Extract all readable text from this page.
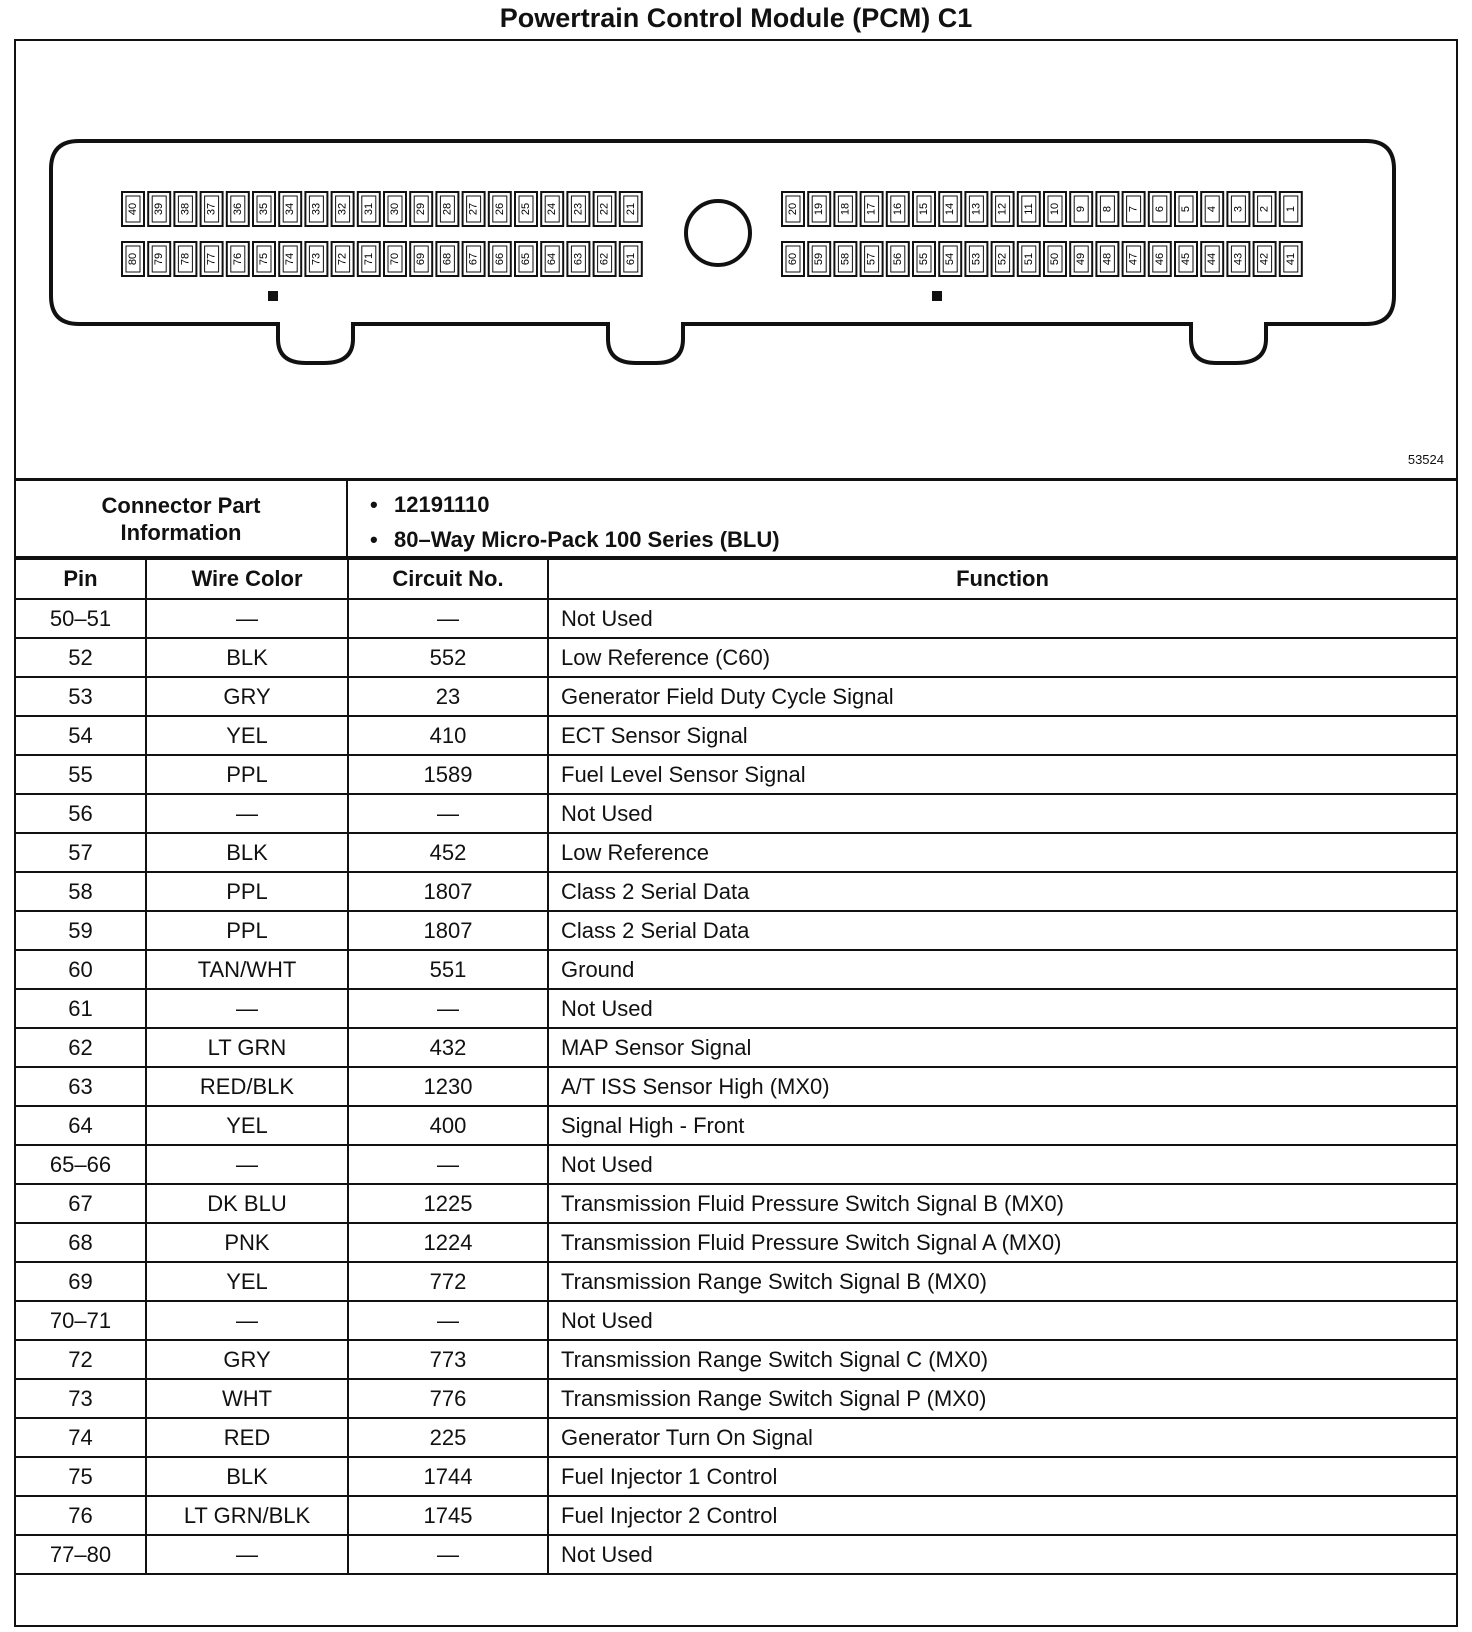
Powertrain Control Module (PCM) C1
40 39 38 37 36 35 34 33 32 31 30 29 28 27 26 25 24 23 22 21
80 79 78 77 76 75 74 73 72 71 70 69 68 67 66 65 64 63 62 61
20 19 18 17 16 15 14 13 12 11 10 9 8 7 6 5 4 3 2 1
60 59 58 57 56 55 54 53 52 51 50 49 48 47 46 45 44 43 42 41
53524
Connector Part
Information
• 12191110
• 80–Way Micro-Pack 100 Series (BLU)
Pin	Wire Color	Circuit No.	Function
50–51	—	—	Not Used
52	BLK	552	Low Reference (C60)
53	GRY	23	Generator Field Duty Cycle Signal
54	YEL	410	ECT Sensor Signal
55	PPL	1589	Fuel Level Sensor Signal
56	—	—	Not Used
57	BLK	452	Low Reference
58	PPL	1807	Class 2 Serial Data
59	PPL	1807	Class 2 Serial Data
60	TAN/WHT	551	Ground
61	—	—	Not Used
62	LT GRN	432	MAP Sensor Signal
63	RED/BLK	1230	A/T ISS Sensor High (MX0)
64	YEL	400	Signal High - Front
65–66	—	—	Not Used
67	DK BLU	1225	Transmission Fluid Pressure Switch Signal B (MX0)
68	PNK	1224	Transmission Fluid Pressure Switch Signal A (MX0)
69	YEL	772	Transmission Range Switch Signal B (MX0)
70–71	—	—	Not Used
72	GRY	773	Transmission Range Switch Signal C (MX0)
73	WHT	776	Transmission Range Switch Signal P (MX0)
74	RED	225	Generator Turn On Signal
75	BLK	1744	Fuel Injector 1 Control
76	LT GRN/BLK	1745	Fuel Injector 2 Control
77–80	—	—	Not Used
